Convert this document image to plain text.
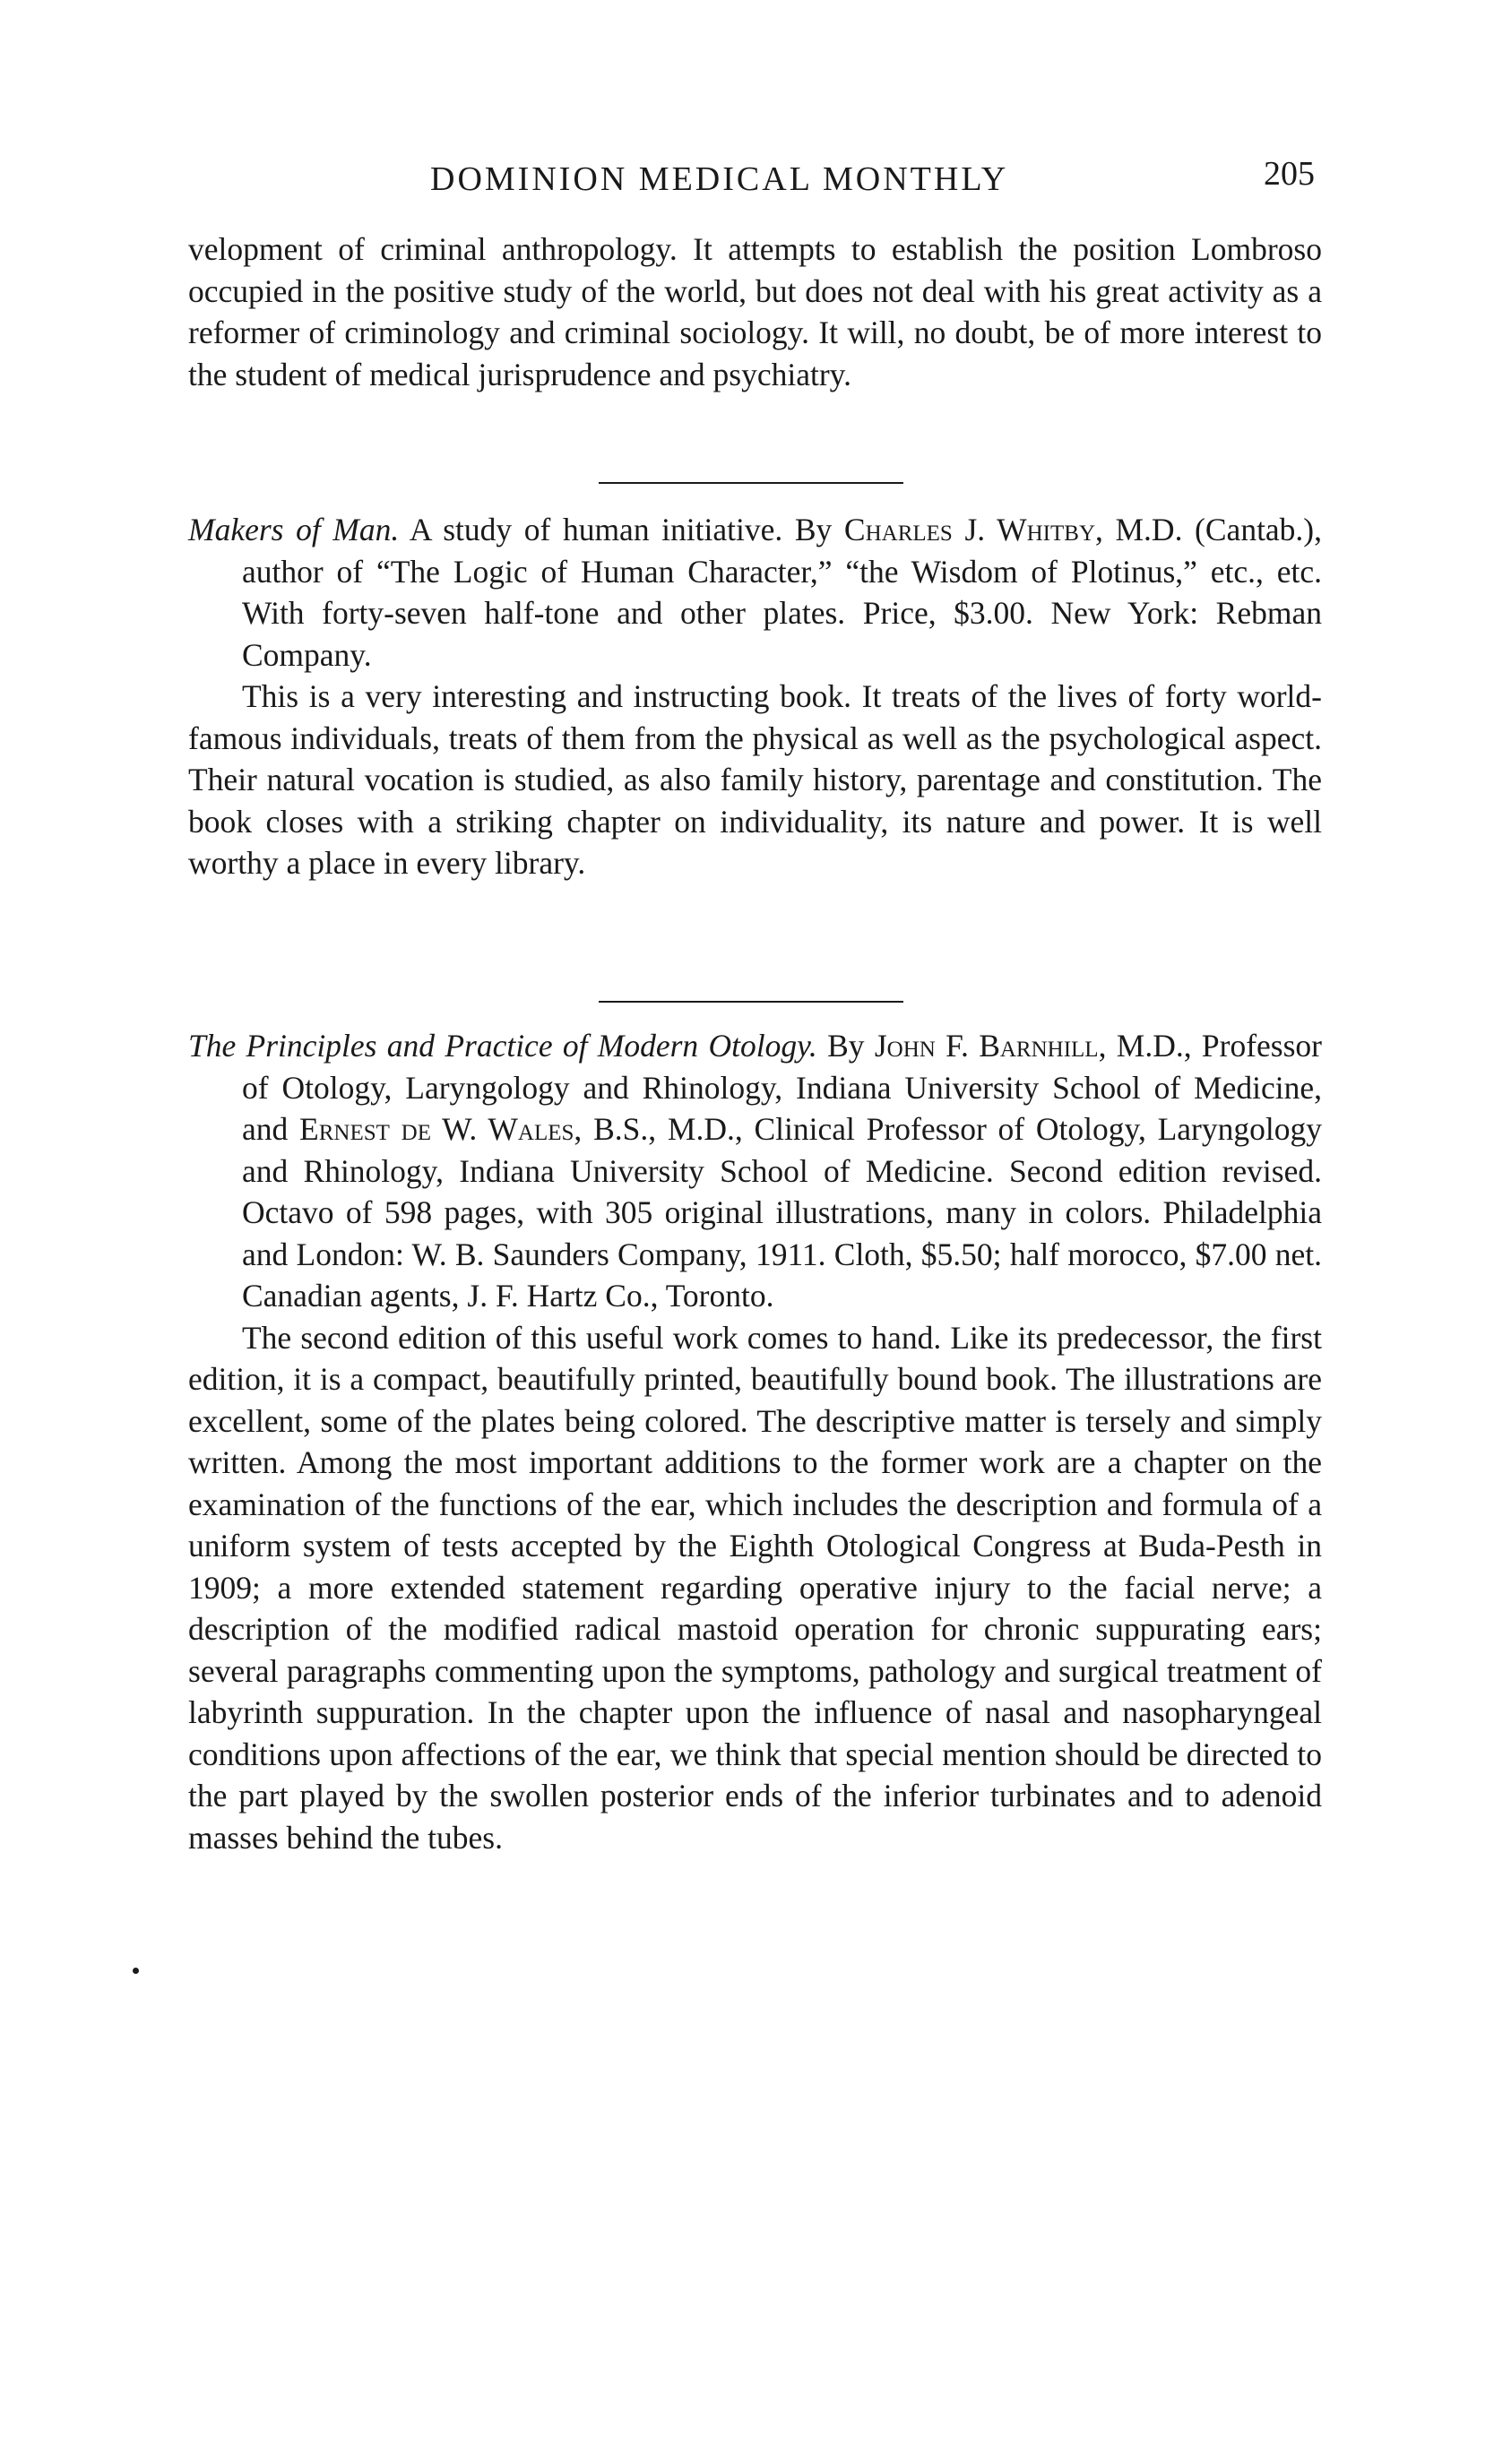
DOMINION MEDICAL MONTHLY	205

velopment of criminal anthropology. It attempts to establish the position Lombroso occupied in the positive study of the world, but does not deal with his great activity as a reformer of criminology and criminal sociology. It will, no doubt, be of more interest to the student of medical jurisprudence and psychiatry.

Makers of Man. A study of human initiative. By Charles J. Whitby, M.D. (Cantab.), author of “The Logic of Human Character,” “the Wisdom of Plotinus,” etc., etc. With forty-seven half-tone and other plates. Price, $3.00. New York: Rebman Company.

This is a very interesting and instructing book. It treats of the lives of forty world-famous individuals, treats of them from the physical as well as the psychological aspect. Their natural vocation is studied, as also family history, parentage and constitution. The book closes with a striking chapter on individuality, its nature and power. It is well worthy a place in every library.

The Principles and Practice of Modern Otology. By John F. Barnhill, M.D., Professor of Otology, Laryngology and Rhinology, Indiana University School of Medicine, and Ernest de W. Wales, B.S., M.D., Clinical Professor of Otology, Laryngology and Rhinology, Indiana University School of Medicine. Second edition revised. Octavo of 598 pages, with 305 original illustrations, many in colors. Philadelphia and London: W. B. Saunders Company, 1911. Cloth, $5.50; half morocco, $7.00 net. Canadian agents, J. F. Hartz Co., Toronto.

The second edition of this useful work comes to hand. Like its predecessor, the first edition, it is a compact, beautifully printed, beautifully bound book. The illustrations are excellent, some of the plates being colored. The descriptive matter is tersely and simply written. Among the most important additions to the former work are a chapter on the examination of the functions of the ear, which includes the description and formula of a uniform system of tests accepted by the Eighth Otological Congress at Buda-Pesth in 1909; a more extended statement regarding operative injury to the facial nerve; a description of the modified radical mastoid operation for chronic suppurating ears; several paragraphs commenting upon the symptoms, pathology and surgical treatment of labyrinth suppuration. In the chapter upon the influence of nasal and nasopharyngeal conditions upon affections of the ear, we think that special mention should be directed to the part played by the swollen posterior ends of the inferior turbinates and to adenoid masses behind the tubes.
